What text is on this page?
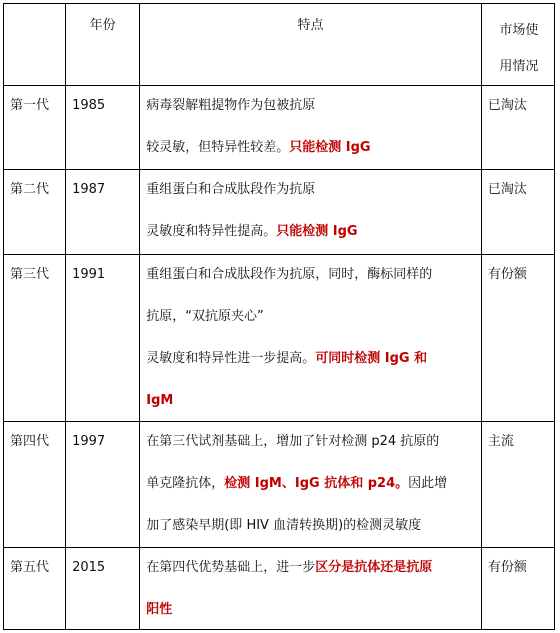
	年份	特点	市场使
用情况

第一代	1985	病毒裂解粗提物作为包被抗原
较灵敏，但特异性较差。只能检测 IgG	已淘汰

第二代	1987	重组蛋白和合成肽段作为抗原
灵敏度和特异性提高。只能检测 IgG	已淘汰

第三代	1991	重组蛋白和合成肽段作为抗原，同时，酶标同样的
抗原，“双抗原夹心”
灵敏度和特异性进一步提高。可同时检测 IgG 和
IgM	有份额

第四代	1997	在第三代试剂基础上，增加了针对检测 p24 抗原的
单克隆抗体，检测 IgM、IgG 抗体和 p24。因此增
加了感染早期(即 HIV 血清转换期)的检测灵敏度	主流

第五代	2015	在第四代优势基础上，进一步区分是抗体还是抗原
阳性	有份额
